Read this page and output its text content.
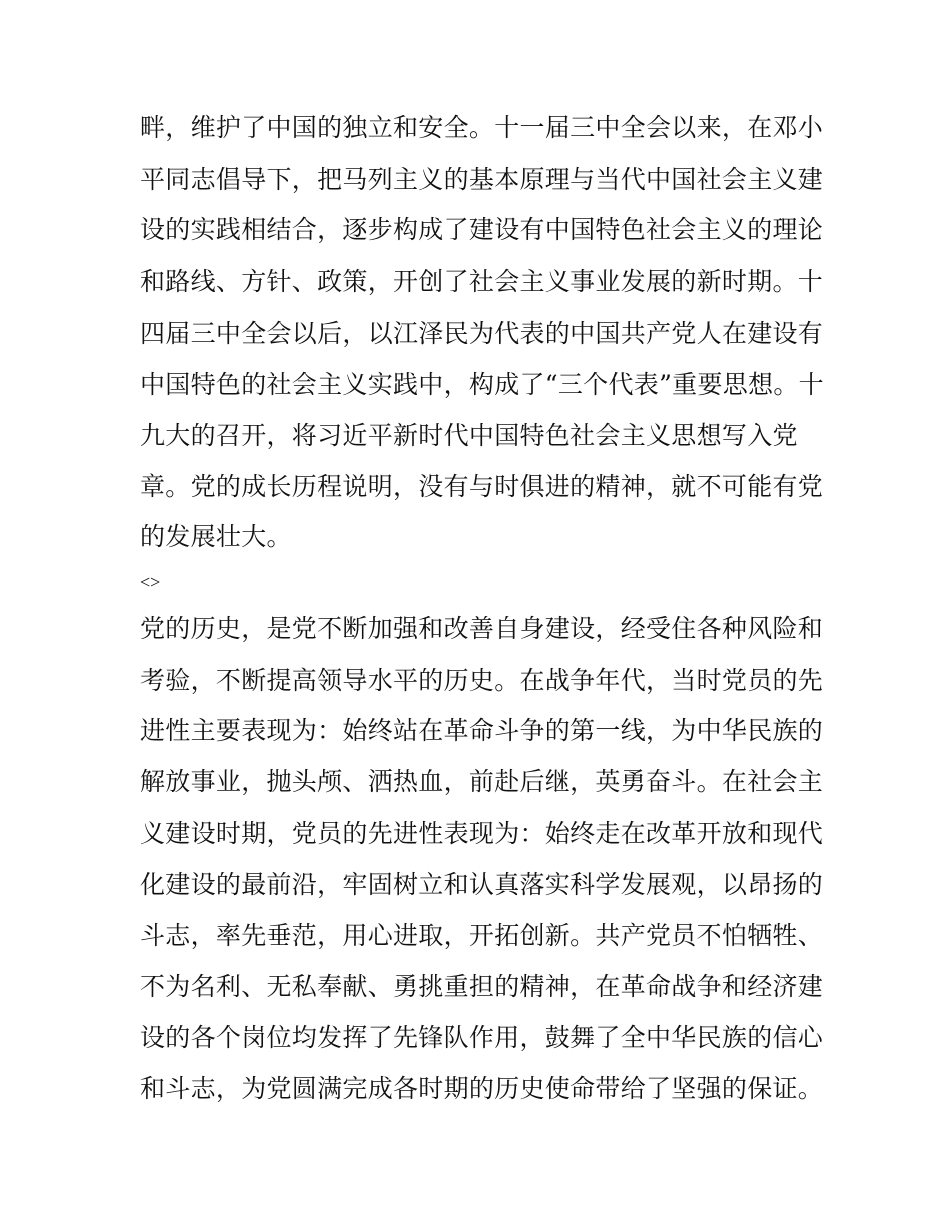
畔，维护了中国的独立和安全。十一届三中全会以来，在邓小
平同志倡导下，把马列主义的基本原理与当代中国社会主义建
设的实践相结合，逐步构成了建设有中国特色社会主义的理论
和路线、方针、政策，开创了社会主义事业发展的新时期。十
四届三中全会以后，以江泽民为代表的中国共产党人在建设有
中国特色的社会主义实践中，构成了“三个代表”重要思想。十
九大的召开，将习近平新时代中国特色社会主义思想写入党
章。党的成长历程说明，没有与时俱进的精神，就不可能有党
的发展壮大。
<>
党的历史，是党不断加强和改善自身建设，经受住各种风险和
考验，不断提高领导水平的历史。在战争年代，当时党员的先
进性主要表现为：始终站在革命斗争的第一线，为中华民族的
解放事业，抛头颅、洒热血，前赴后继，英勇奋斗。在社会主
义建设时期，党员的先进性表现为：始终走在改革开放和现代
化建设的最前沿，牢固树立和认真落实科学发展观，以昂扬的
斗志，率先垂范，用心进取，开拓创新。共产党员不怕牺牲、
不为名利、无私奉献、勇挑重担的精神，在革命战争和经济建
设的各个岗位均发挥了先锋队作用，鼓舞了全中华民族的信心
和斗志，为党圆满完成各时期的历史使命带给了坚强的保证。
